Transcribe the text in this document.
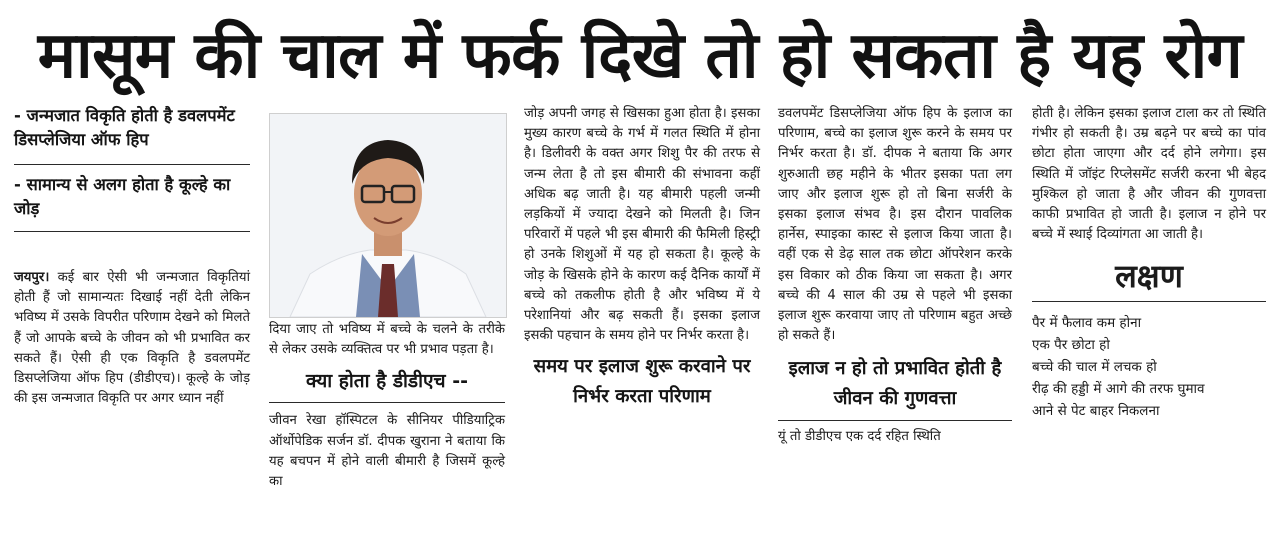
मासूम की चाल में फर्क दिखे तो हो सकता है यह रोग

- जन्मजात विकृति होती है डवलपमेंट डिसप्लेजिया ऑफ हिप

- सामान्य से अलग होता है कूल्हे का जोड़

जयपुर। कई बार ऐसी भी जन्मजात विकृतियां होती हैं जो सामान्यतः दिखाई नहीं देती लेकिन भविष्य में उसके विपरीत परिणाम देखने को मिलते हैं जो आपके बच्चे के जीवन को भी प्रभावित कर सकते हैं। ऐसी ही एक विकृति है डवलपमेंट डिसप्लेजिया ऑफ हिप (डीडीएच)। कूल्हे के जोड़ की इस जन्मजात विकृति पर अगर ध्यान नहीं

दिया जाए तो भविष्य में बच्चे के चलने के तरीके से लेकर उसके व्यक्तित्व पर भी प्रभाव पड़ता है।

क्या होता है डीडीएच --

जीवन रेखा हॉस्पिटल के सीनियर पीडियाट्रिक ऑर्थोपेडिक सर्जन डॉ. दीपक खुराना ने बताया कि यह बचपन में होने वाली बीमारी है जिसमें कूल्हे का

जोड़ अपनी जगह से खिसका हुआ होता है। इसका मुख्य कारण बच्चे के गर्भ में गलत स्थिति में होना है। डिलीवरी के वक्त अगर शिशु पैर की तरफ से जन्म लेता है तो इस बीमारी की संभावना कहीं अधिक बढ़ जाती है। यह बीमारी पहली जन्मी लड़कियों में ज्यादा देखने को मिलती है। जिन परिवारों में पहले भी इस बीमारी की फैमिली हिस्ट्री हो उनके शिशुओं में यह हो सकता है। कूल्हे के जोड़ के खिसके होने के कारण कई दैनिक कार्यों में बच्चे को तकलीफ होती है और भविष्य में ये परेशानियां और बढ़ सकती हैं। इसका इलाज इसकी पहचान के समय होने पर निर्भर करता है।

समय पर इलाज शुरू करवाने पर निर्भर करता परिणाम

डवलपमेंट डिसप्लेजिया ऑफ हिप के इलाज का परिणाम, बच्चे का इलाज शुरू करने के समय पर निर्भर करता है। डॉ. दीपक ने बताया कि अगर शुरुआती छह महीने के भीतर इसका पता लग जाए और इलाज शुरू हो तो बिना सर्जरी के इसका इलाज संभव है। इस दौरान पावलिक हार्नेस, स्पाइका कास्ट से इलाज किया जाता है। वहीं एक से डेढ़ साल तक छोटा ऑपरेशन करके इस विकार को ठीक किया जा सकता है। अगर बच्चे की 4 साल की उम्र से पहले भी इसका इलाज शुरू करवाया जाए तो परिणाम बहुत अच्छे हो सकते हैं।

इलाज न हो तो प्रभावित होती है जीवन की गुणवत्ता

यूं तो डीडीएच एक दर्द रहित स्थिति

होती है। लेकिन इसका इलाज टाला कर तो स्थिति गंभीर हो सकती है। उम्र बढ़ने पर बच्चे का पांव छोटा होता जाएगा और दर्द होने लगेगा। इस स्थिति में जॉइंट रिप्लेसमेंट सर्जरी करना भी बेहद मुश्किल हो जाता है और जीवन की गुणवत्ता काफी प्रभावित हो जाती है। इलाज न होने पर बच्चे में स्थाई दिव्यांगता आ जाती है।

लक्षण

पैर में फैलाव कम होना

एक पैर छोटा हो

बच्चे की चाल में लचक हो

रीढ़ की हड्डी में आगे की तरफ घुमाव

आने से पेट बाहर निकलना
